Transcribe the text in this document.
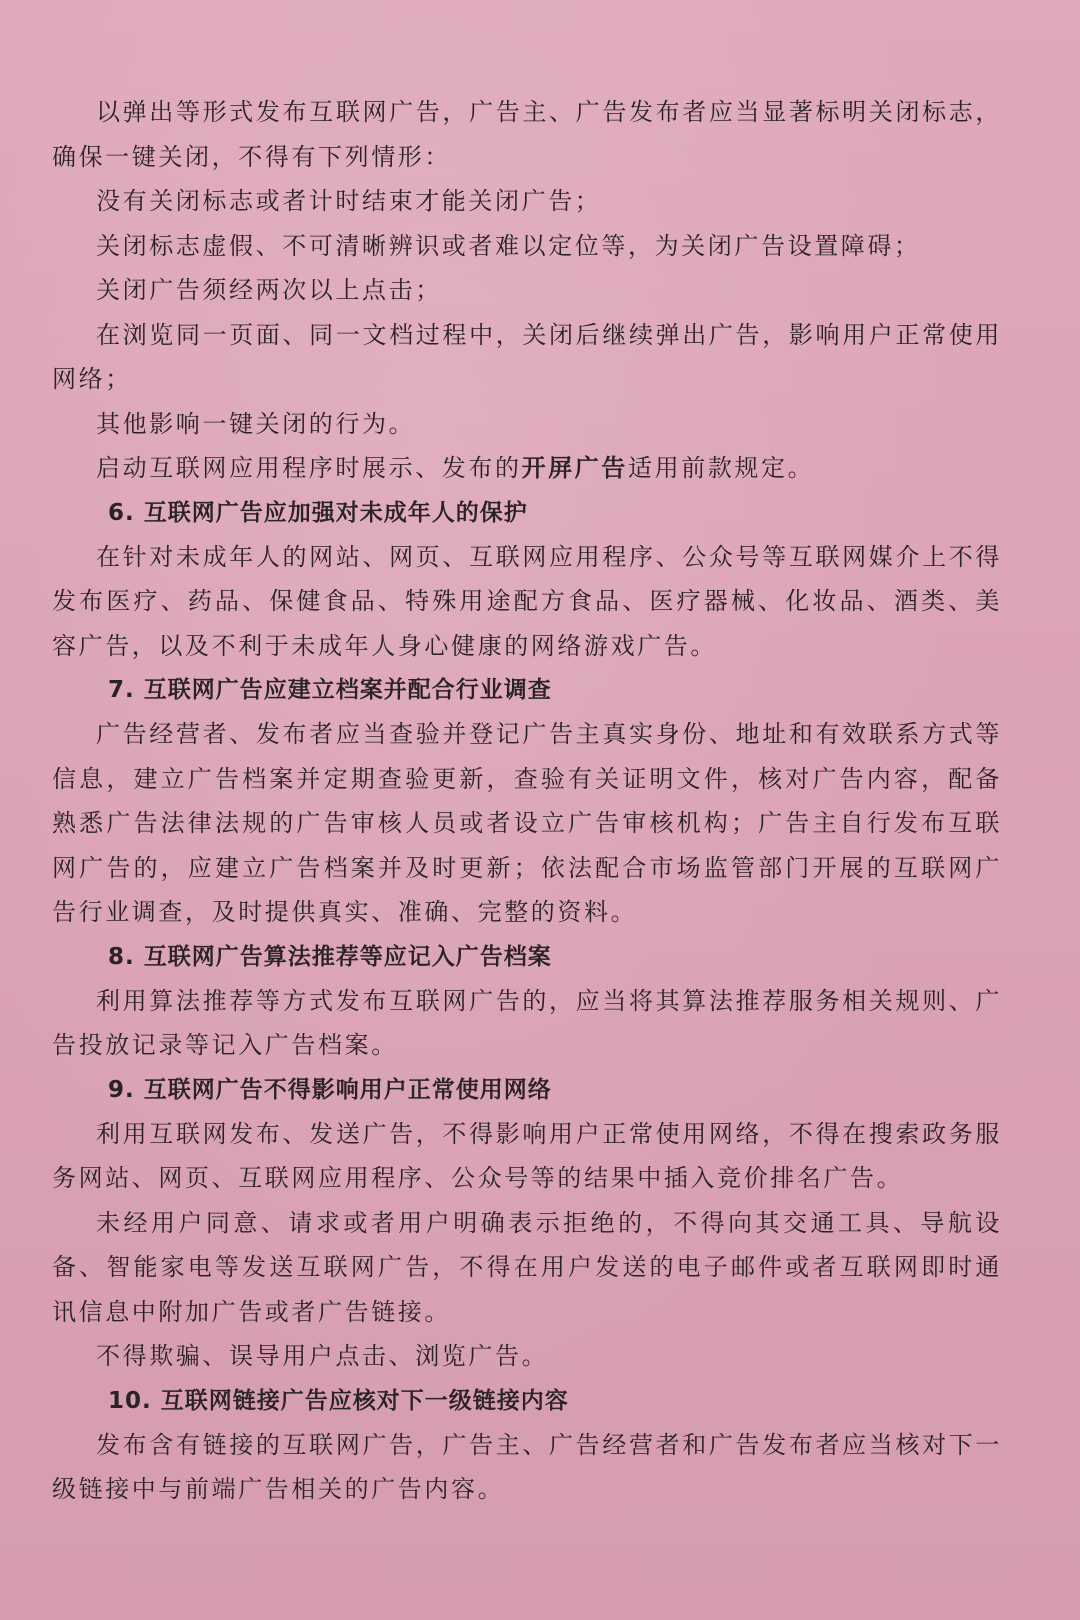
以弹出等形式发布互联网广告，广告主、广告发布者应当显著标明关闭标志，确保一键关闭，不得有下列情形：

没有关闭标志或者计时结束才能关闭广告；

关闭标志虚假、不可清晰辨识或者难以定位等，为关闭广告设置障碍；

关闭广告须经两次以上点击；

在浏览同一页面、同一文档过程中，关闭后继续弹出广告，影响用户正常使用网络；

其他影响一键关闭的行为。

启动互联网应用程序时展示、发布的开屏广告适用前款规定。

6. 互联网广告应加强对未成年人的保护

在针对未成年人的网站、网页、互联网应用程序、公众号等互联网媒介上不得发布医疗、药品、保健食品、特殊用途配方食品、医疗器械、化妆品、酒类、美容广告，以及不利于未成年人身心健康的网络游戏广告。

7. 互联网广告应建立档案并配合行业调查

广告经营者、发布者应当查验并登记广告主真实身份、地址和有效联系方式等信息，建立广告档案并定期查验更新，查验有关证明文件，核对广告内容，配备熟悉广告法律法规的广告审核人员或者设立广告审核机构；广告主自行发布互联网广告的，应建立广告档案并及时更新；依法配合市场监管部门开展的互联网广告行业调查，及时提供真实、准确、完整的资料。

8. 互联网广告算法推荐等应记入广告档案

利用算法推荐等方式发布互联网广告的，应当将其算法推荐服务相关规则、广告投放记录等记入广告档案。

9. 互联网广告不得影响用户正常使用网络

利用互联网发布、发送广告，不得影响用户正常使用网络，不得在搜索政务服务网站、网页、互联网应用程序、公众号等的结果中插入竞价排名广告。

未经用户同意、请求或者用户明确表示拒绝的，不得向其交通工具、导航设备、智能家电等发送互联网广告，不得在用户发送的电子邮件或者互联网即时通讯信息中附加广告或者广告链接。

不得欺骗、误导用户点击、浏览广告。

10. 互联网链接广告应核对下一级链接内容

发布含有链接的互联网广告，广告主、广告经营者和广告发布者应当核对下一级链接中与前端广告相关的广告内容。
